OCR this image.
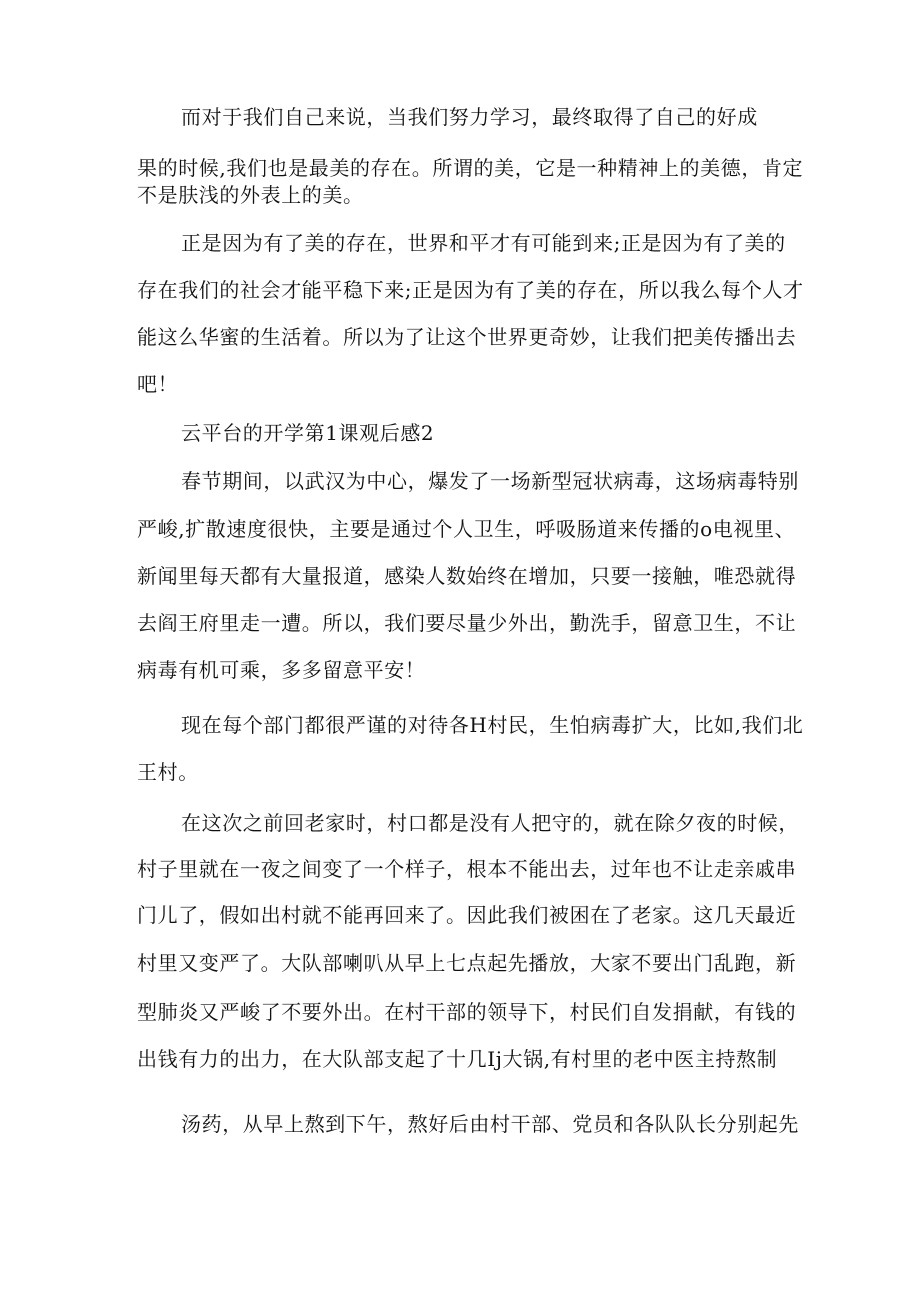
而对于我们自己来说，当我们努力学习，最终取得了自己的好成
果的时候,我们也是最美的存在。所谓的美，它是一种精神上的美德，肯定
不是肤浅的外表上的美。
正是因为有了美的存在，世界和平才有可能到来;正是因为有了美的
存在我们的社会才能平稳下来;正是因为有了美的存在，所以我么每个人才
能这么华蜜的生活着。所以为了让这个世界更奇妙，让我们把美传播出去
吧！
云平台的开学第1课观后感2
春节期间，以武汉为中心，爆发了一场新型冠状病毒，这场病毒特别
严峻,扩散速度很快，主要是通过个人卫生，呼吸肠道来传播的o电视里、
新闻里每天都有大量报道，感染人数始终在增加，只要一接触，唯恐就得
去阎王府里走一遭。所以，我们要尽量少外出，勤洗手，留意卫生，不让
病毒有机可乘，多多留意平安！
现在每个部门都很严谨的对待各H村民，生怕病毒扩大，比如,我们北
王村。
在这次之前回老家时，村口都是没有人把守的，就在除夕夜的时候，
村子里就在一夜之间变了一个样子，根本不能出去，过年也不让走亲戚串
门儿了，假如出村就不能再回来了。因此我们被困在了老家。这几天最近
村里又变严了。大队部喇叭从早上七点起先播放，大家不要出门乱跑，新
型肺炎又严峻了不要外出。在村干部的领导下，村民们自发捐献，有钱的
出钱有力的出力，在大队部支起了十几Ij大锅,有村里的老中医主持熬制
汤药，从早上熬到下午，熬好后由村干部、党员和各队队长分别起先
